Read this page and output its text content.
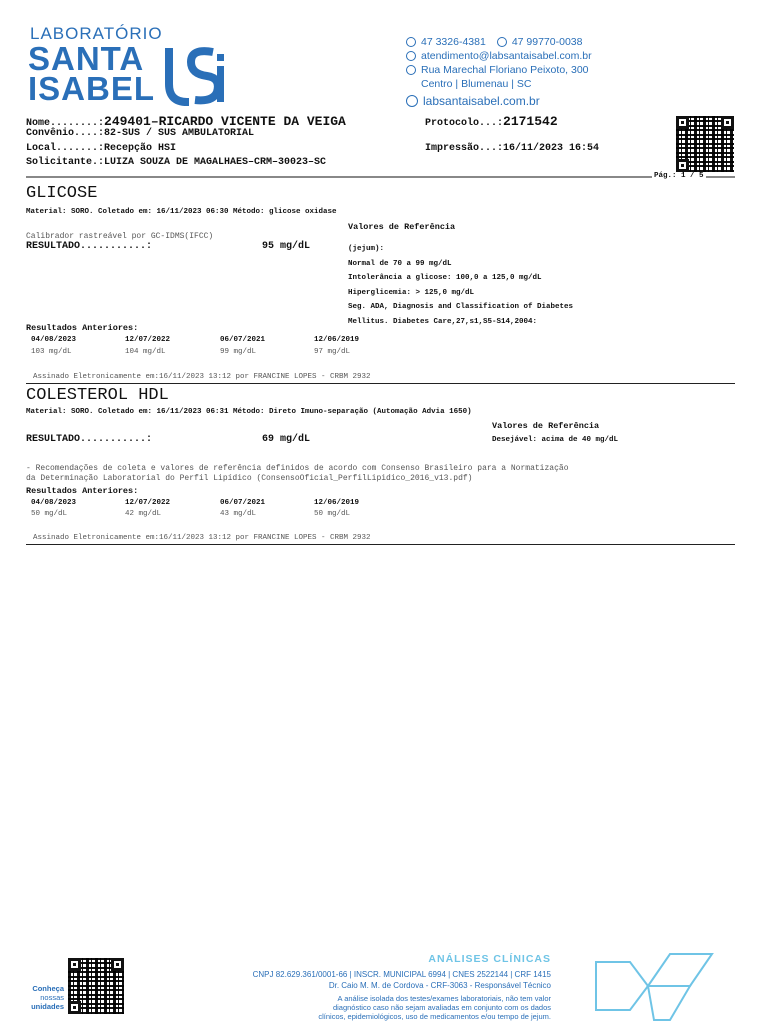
LABORATÓRIO
SANTA
ISABEL
47 3326-4381 47 99770-0038
atendimento@labsantaisabel.com.br
Rua Marechal Floriano Peixoto, 300
Centro | Blumenau | SC
labsantaisabel.com.br
Nome........:249401–RICARDO VICENTE DA VEIGA
Convênio....:82-SUS / SUS AMBULATORIAL
Local.......:Recepção HSI
Solicitante.:LUIZA SOUZA DE MAGALHAES–CRM–30023–SC
Protocolo...:2171542
Impressão...:16/11/2023 16:54
Pág.: 1 / 5
GLICOSE
Material: SORO. Coletado em: 16/11/2023 06:30 Método: glicose oxidase
Valores de Referência
Calibrador rastreável por GC-IDMS(IFCC)
RESULTADO...........:	95 mg/dL	(jejum):
Normal de 70 a 99 mg/dL
Intolerância a glicose: 100,0 a 125,0 mg/dL
Hiperglicemia: > 125,0 mg/dL
Seg. ADA, Diagnosis and Classification of Diabetes
Mellitus. Diabetes Care,27,s1,S5-S14,2004:
Resultados Anteriores:
04/08/2023	12/07/2022	06/07/2021	12/06/2019
103 mg/dL	104 mg/dL	99 mg/dL	97 mg/dL
Assinado Eletronicamente em:16/11/2023 13:12 por FRANCINE LOPES - CRBM 2932
COLESTEROL HDL
Material: SORO. Coletado em: 16/11/2023 06:31 Método: Direto Imuno-separação (Automação Advia 1650)
Valores de Referência
RESULTADO...........:	69 mg/dL	Desejável: acima de 40 mg/dL
- Recomendações de coleta e valores de referência definidos de acordo com Consenso Brasileiro para a Normatização
da Determinação Laboratorial do Perfil Lipídico (ConsensoOficial_PerfilLipidico_2016_v13.pdf)
Resultados Anteriores:
04/08/2023	12/07/2022	06/07/2021	12/06/2019
50 mg/dL	42 mg/dL	43 mg/dL	50 mg/dL
Assinado Eletronicamente em:16/11/2023 13:12 por FRANCINE LOPES - CRBM 2932
Conheça
nossas
unidades
ANÁLISES CLÍNICAS
CNPJ 82.629.361/0001-66 | INSCR. MUNICIPAL 6994 | CNES 2522144 | CRF 1415
Dr. Caio M. M. de Cordova - CRF-3063 - Responsável Técnico
A análise isolada dos testes/exames laboratoriais, não tem valor
diagnóstico caso não sejam avaliadas em conjunto com os dados
clínicos, epidemiológicos, uso de medicamentos e/ou tempo de jejum.
